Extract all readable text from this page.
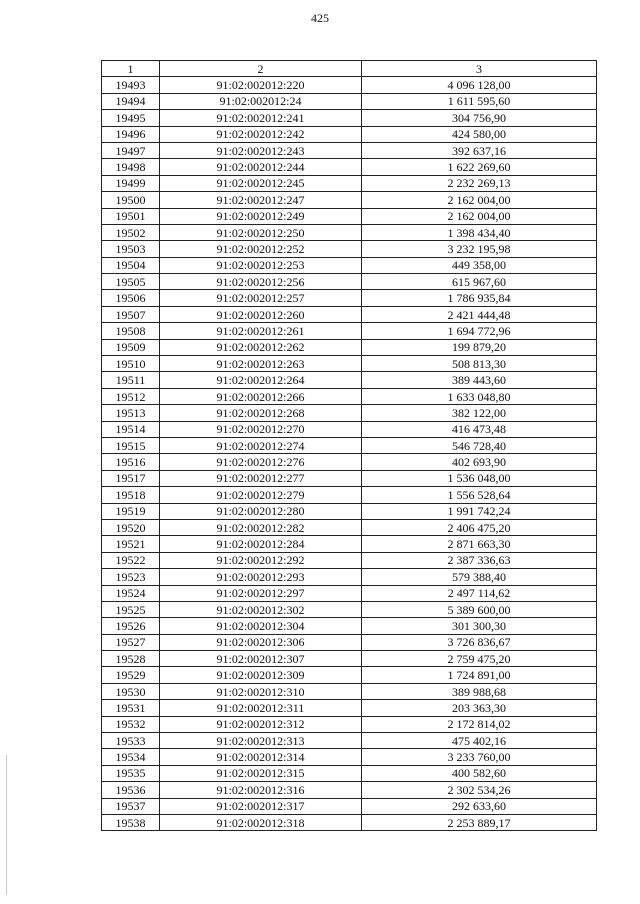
425
1	2	3
19493	91:02:002012:220	4 096 128,00
19494	91:02:002012:24	1 611 595,60
19495	91:02:002012:241	304 756,90
19496	91:02:002012:242	424 580,00
19497	91:02:002012:243	392 637,16
19498	91:02:002012:244	1 622 269,60
19499	91:02:002012:245	2 232 269,13
19500	91:02:002012:247	2 162 004,00
19501	91:02:002012:249	2 162 004,00
19502	91:02:002012:250	1 398 434,40
19503	91:02:002012:252	3 232 195,98
19504	91:02:002012:253	449 358,00
19505	91:02:002012:256	615 967,60
19506	91:02:002012:257	1 786 935,84
19507	91:02:002012:260	2 421 444,48
19508	91:02:002012:261	1 694 772,96
19509	91:02:002012:262	199 879,20
19510	91:02:002012:263	508 813,30
19511	91:02:002012:264	389 443,60
19512	91:02:002012:266	1 633 048,80
19513	91:02:002012:268	382 122,00
19514	91:02:002012:270	416 473,48
19515	91:02:002012:274	546 728,40
19516	91:02:002012:276	402 693,90
19517	91:02:002012:277	1 536 048,00
19518	91:02:002012:279	1 556 528,64
19519	91:02:002012:280	1 991 742,24
19520	91:02:002012:282	2 406 475,20
19521	91:02:002012:284	2 871 663,30
19522	91:02:002012:292	2 387 336,63
19523	91:02:002012:293	579 388,40
19524	91:02:002012:297	2 497 114,62
19525	91:02:002012:302	5 389 600,00
19526	91:02:002012:304	301 300,30
19527	91:02:002012:306	3 726 836,67
19528	91:02:002012:307	2 759 475,20
19529	91:02:002012:309	1 724 891,00
19530	91:02:002012:310	389 988,68
19531	91:02:002012:311	203 363,30
19532	91:02:002012:312	2 172 814,02
19533	91:02:002012:313	475 402,16
19534	91:02:002012:314	3 233 760,00
19535	91:02:002012:315	400 582,60
19536	91:02:002012:316	2 302 534,26
19537	91:02:002012:317	292 633,60
19538	91:02:002012:318	2 253 889,17
